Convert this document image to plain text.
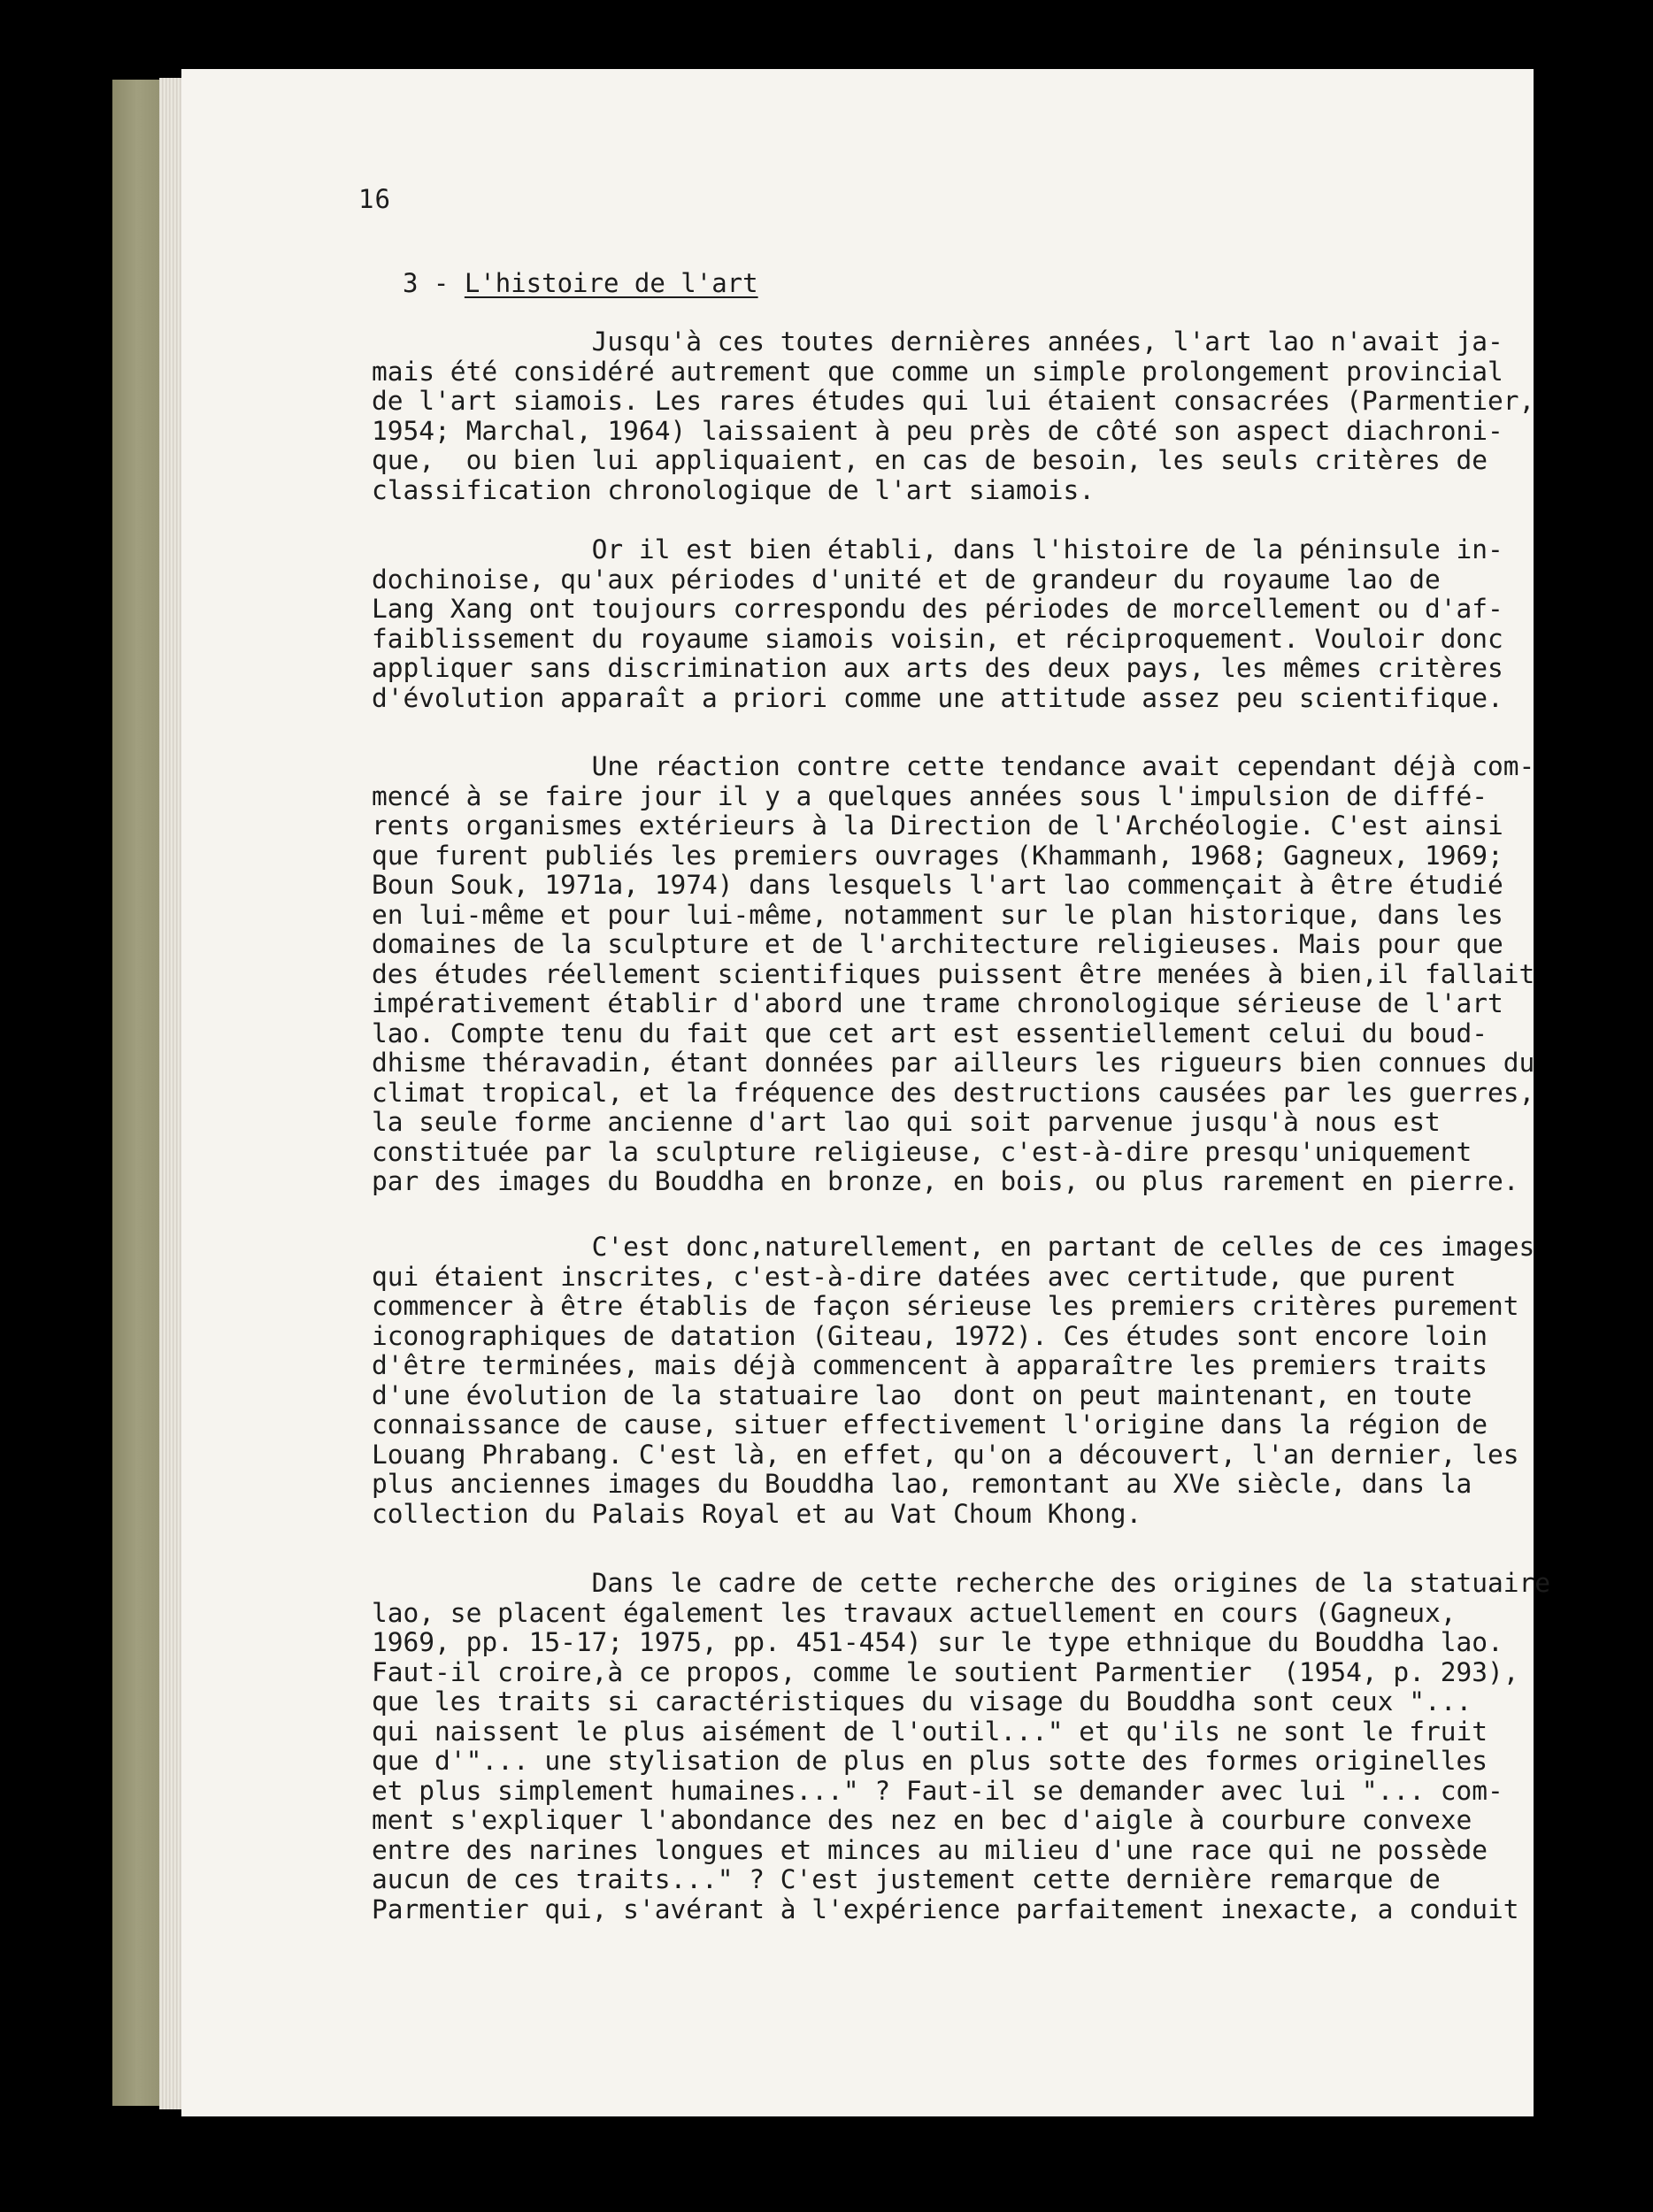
16
3 - L'histoire de l'art
Jusqu'à ces toutes dernières années, l'art lao n'avait ja-
mais été considéré autrement que comme un simple prolongement provincial
de l'art siamois. Les rares études qui lui étaient consacrées (Parmentier,
1954; Marchal, 1964) laissaient à peu près de côté son aspect diachroni-
que,  ou bien lui appliquaient, en cas de besoin, les seuls critères de
classification chronologique de l'art siamois.
Or il est bien établi, dans l'histoire de la péninsule in-
dochinoise, qu'aux périodes d'unité et de grandeur du royaume lao de
Lang Xang ont toujours correspondu des périodes de morcellement ou d'af-
faiblissement du royaume siamois voisin, et réciproquement. Vouloir donc
appliquer sans discrimination aux arts des deux pays, les mêmes critères
d'évolution apparaît a priori comme une attitude assez peu scientifique.
Une réaction contre cette tendance avait cependant déjà com-
mencé à se faire jour il y a quelques années sous l'impulsion de diffé-
rents organismes extérieurs à la Direction de l'Archéologie. C'est ainsi
que furent publiés les premiers ouvrages (Khammanh, 1968; Gagneux, 1969;
Boun Souk, 1971a, 1974) dans lesquels l'art lao commençait à être étudié
en lui-même et pour lui-même, notamment sur le plan historique, dans les
domaines de la sculpture et de l'architecture religieuses. Mais pour que
des études réellement scientifiques puissent être menées à bien,il fallait
impérativement établir d'abord une trame chronologique sérieuse de l'art
lao. Compte tenu du fait que cet art est essentiellement celui du boud-
dhisme théravadin, étant données par ailleurs les rigueurs bien connues du
climat tropical, et la fréquence des destructions causées par les guerres,
la seule forme ancienne d'art lao qui soit parvenue jusqu'à nous est
constituée par la sculpture religieuse, c'est-à-dire presqu'uniquement
par des images du Bouddha en bronze, en bois, ou plus rarement en pierre.
C'est donc,naturellement, en partant de celles de ces images
qui étaient inscrites, c'est-à-dire datées avec certitude, que purent
commencer à être établis de façon sérieuse les premiers critères purement
iconographiques de datation (Giteau, 1972). Ces études sont encore loin
d'être terminées, mais déjà commencent à apparaître les premiers traits
d'une évolution de la statuaire lao  dont on peut maintenant, en toute
connaissance de cause, situer effectivement l'origine dans la région de
Louang Phrabang. C'est là, en effet, qu'on a découvert, l'an dernier, les
plus anciennes images du Bouddha lao, remontant au XVe siècle, dans la
collection du Palais Royal et au Vat Choum Khong.
Dans le cadre de cette recherche des origines de la statuaire
lao, se placent également les travaux actuellement en cours (Gagneux,
1969, pp. 15-17; 1975, pp. 451-454) sur le type ethnique du Bouddha lao.
Faut-il croire,à ce propos, comme le soutient Parmentier  (1954, p. 293),
que les traits si caractéristiques du visage du Bouddha sont ceux "...
qui naissent le plus aisément de l'outil..." et qu'ils ne sont le fruit
que d'"... une stylisation de plus en plus sotte des formes originelles
et plus simplement humaines..." ? Faut-il se demander avec lui "... com-
ment s'expliquer l'abondance des nez en bec d'aigle à courbure convexe
entre des narines longues et minces au milieu d'une race qui ne possède
aucun de ces traits..." ? C'est justement cette dernière remarque de
Parmentier qui, s'avérant à l'expérience parfaitement inexacte, a conduit
